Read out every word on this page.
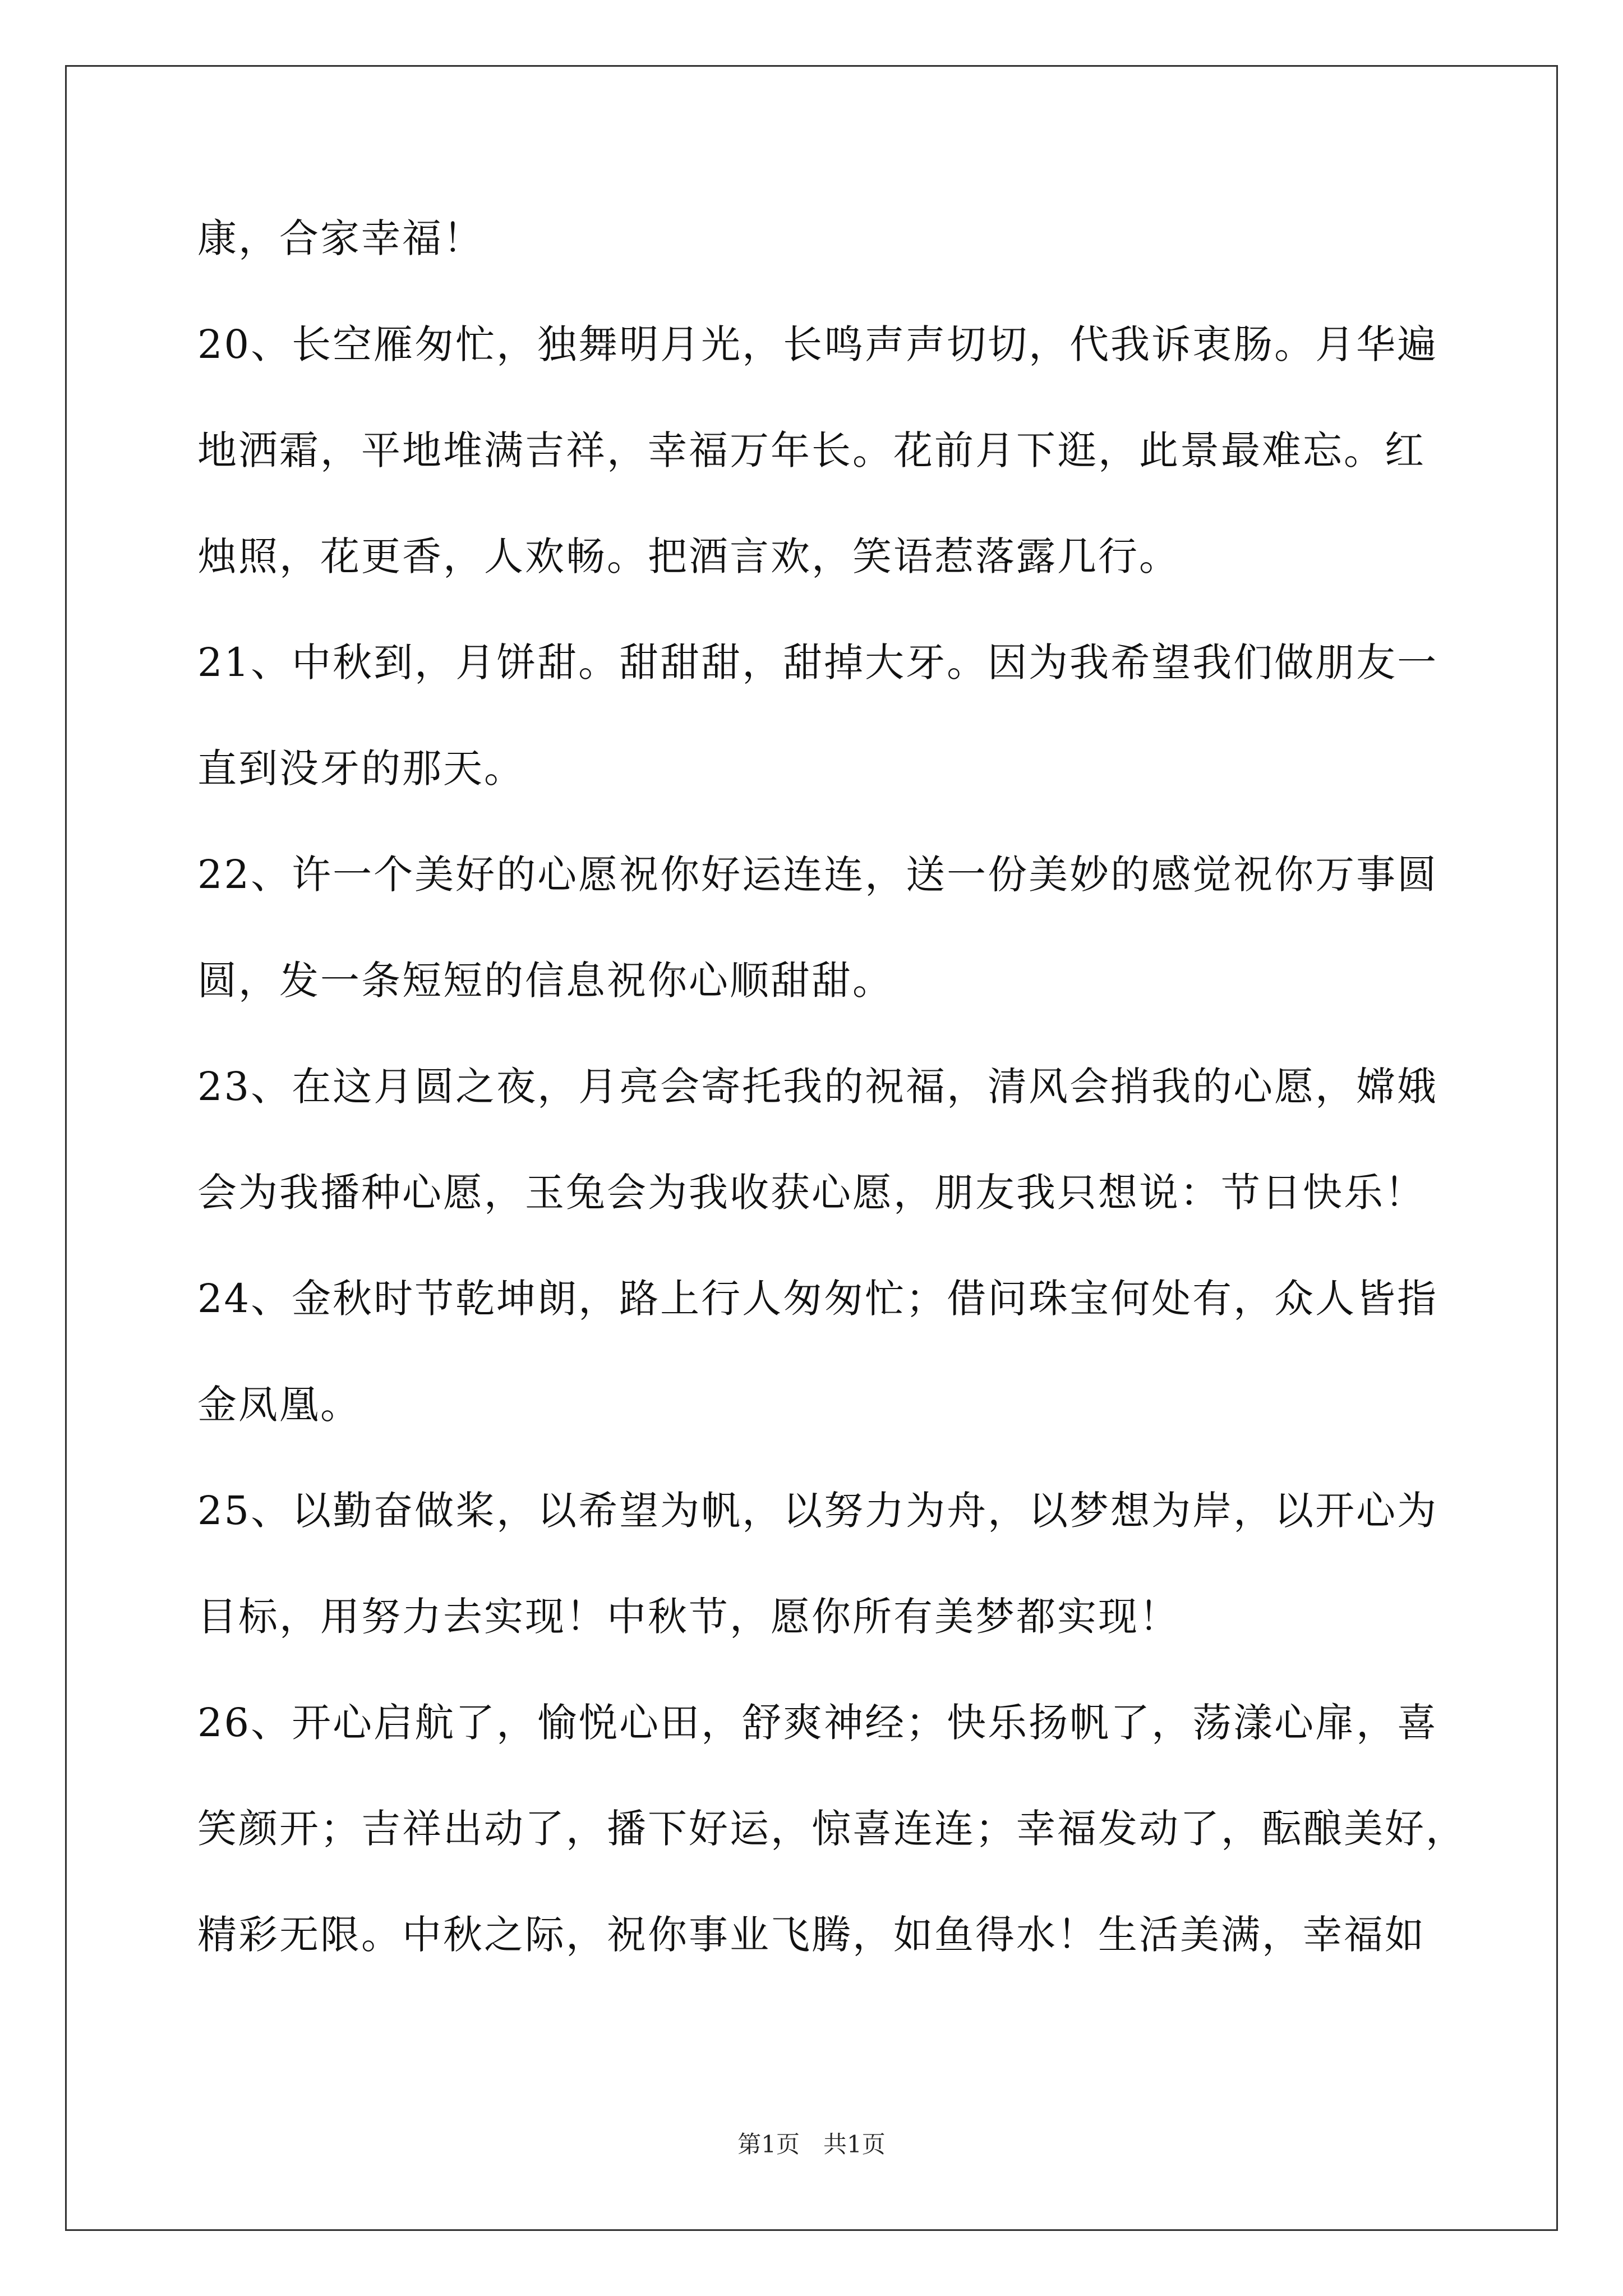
康，合家幸福！
20、长空雁匆忙，独舞明月光，长鸣声声切切，代我诉衷肠。月华遍
地洒霜，平地堆满吉祥，幸福万年长。花前月下逛，此景最难忘。红
烛照，花更香，人欢畅。把酒言欢，笑语惹落露几行。
21、中秋到，月饼甜。甜甜甜，甜掉大牙。因为我希望我们做朋友一
直到没牙的那天。
22、许一个美好的心愿祝你好运连连，送一份美妙的感觉祝你万事圆
圆，发一条短短的信息祝你心顺甜甜。
23、在这月圆之夜，月亮会寄托我的祝福，清风会捎我的心愿，嫦娥
会为我播种心愿，玉兔会为我收获心愿，朋友我只想说：节日快乐！
24、金秋时节乾坤朗，路上行人匆匆忙；借问珠宝何处有，众人皆指
金凤凰。
25、以勤奋做桨，以希望为帆，以努力为舟，以梦想为岸，以开心为
目标，用努力去实现！中秋节，愿你所有美梦都实现！
26、开心启航了，愉悦心田，舒爽神经；快乐扬帆了，荡漾心扉，喜
笑颜开；吉祥出动了，播下好运，惊喜连连；幸福发动了，酝酿美好，
精彩无限。中秋之际，祝你事业飞腾，如鱼得水！生活美满，幸福如
第1页　共1页
